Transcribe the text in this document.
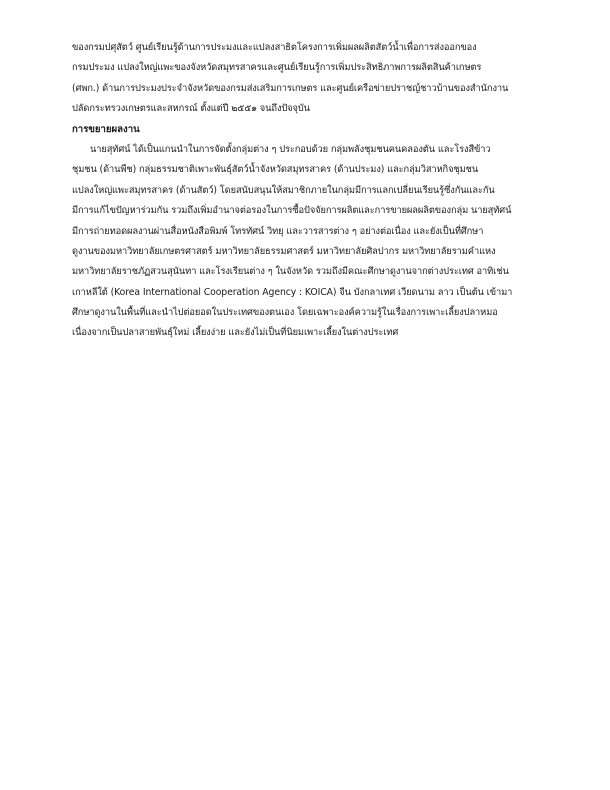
ของกรมปศุสัตว์ ศูนย์เรียนรู้ด้านการประมงและแปลงสาธิตโครงการเพิ่มผลผลิตสัตว์น้ำเพื่อการส่งออกของ
กรมประมง แปลงใหญ่แพะของจังหวัดสมุทรสาครและศูนย์เรียนรู้การเพิ่มประสิทธิภาพการผลิตสินค้าเกษตร
(ศพก.) ด้านการประมงประจำจังหวัดของกรมส่งเสริมการเกษตร และศูนย์เครือข่ายปราชญ์ชาวบ้านของสำนักงาน
ปลัดกระทรวงเกษตรและสหกรณ์ ตั้งแต่ปี ๒๕๕๑ จนถึงปัจจุบัน
การขยายผลงาน
นายสุทัศน์ ได้เป็นแกนนำในการจัดตั้งกลุ่มต่าง ๆ ประกอบด้วย กลุ่มพลังชุมชนคนคลองตัน และโรงสีข้าว
ชุมชน (ด้านพืช) กลุ่มธรรมชาติเพาะพันธุ์สัตว์น้ำจังหวัดสมุทรสาคร (ด้านประมง) และกลุ่มวิสาหกิจชุมชน
แปลงใหญ่แพะสมุทรสาคร (ด้านสัตว์) โดยสนับสนุนให้สมาชิกภายในกลุ่มมีการแลกเปลี่ยนเรียนรู้ซึ่งกันและกัน
มีการแก้ไขปัญหาร่วมกัน รวมถึงเพิ่มอำนาจต่อรองในการซื้อปัจจัยการผลิตและการขายผลผลิตของกลุ่ม นายสุทัศน์
มีการถ่ายทอดผลงานผ่านสื่อหนังสือพิมพ์ โทรทัศน์ วิทยุ และวารสารต่าง ๆ อย่างต่อเนื่อง และยังเป็นที่ศึกษา
ดูงานของมหาวิทยาลัยเกษตรศาสตร์ มหาวิทยาลัยธรรมศาสตร์ มหาวิทยาลัยศิลปากร มหาวิทยาลัยรามคำแหง
มหาวิทยาลัยราชภัฏสวนสุนันทา และโรงเรียนต่าง ๆ ในจังหวัด รวมถึงมีคณะศึกษาดูงานจากต่างประเทศ อาทิเช่น
เกาหลีใต้ (Korea International Cooperation Agency : KOICA) จีน บังกลาเทศ เวียดนาม ลาว เป็นต้น เข้ามา
ศึกษาดูงานในพื้นที่และนำไปต่อยอดในประเทศของตนเอง โดยเฉพาะองค์ความรู้ในเรื่องการเพาะเลี้ยงปลาหมอ
เนื่องจากเป็นปลาสายพันธุ์ใหม่ เลี้ยงง่าย และยังไม่เป็นที่นิยมเพาะเลี้ยงในต่างประเทศ
